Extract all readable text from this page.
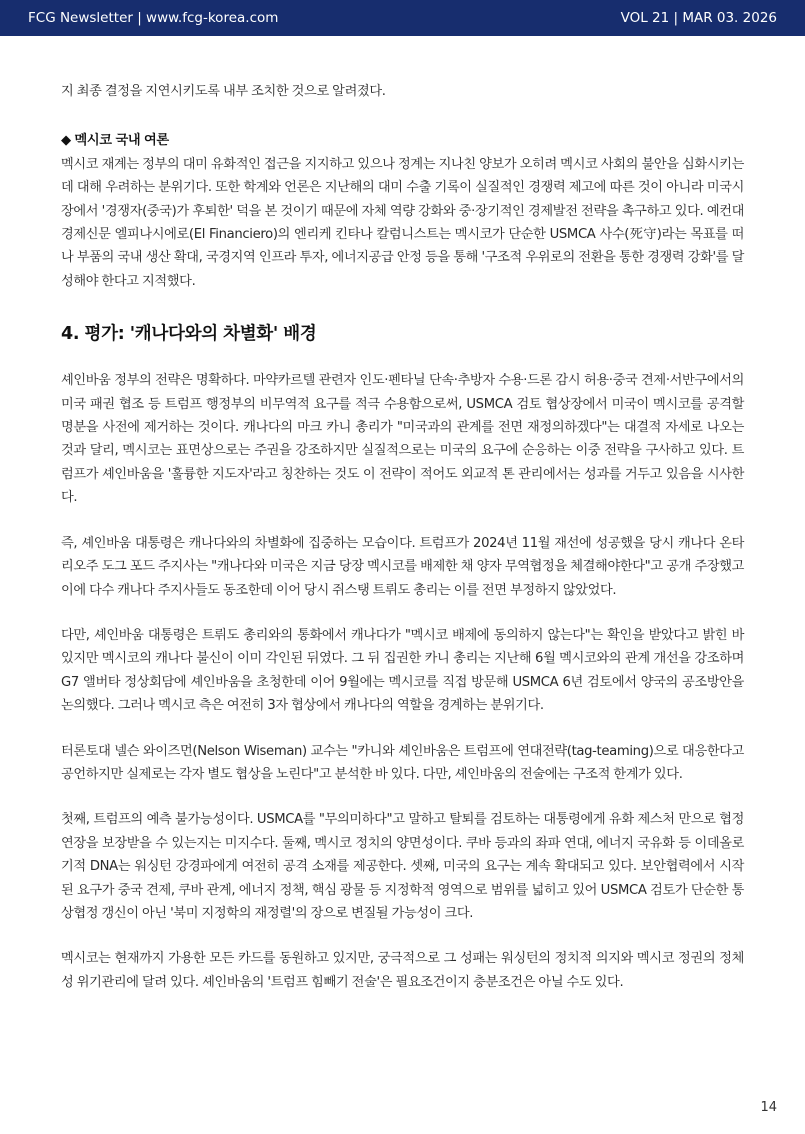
FCG Newsletter | www.fcg-korea.com	VOL 21 | MAR 03. 2026

지 최종 결정을 지연시키도록 내부 조치한 것으로 알려졌다.

◆ 멕시코 국내 여론

멕시코 재계는 정부의 대미 유화적인 접근을 지지하고 있으나 정계는 지나친 양보가 오히려 멕시코 사회의 불안을 심화시키는데 대해 우려하는 분위기다. 또한 학계와 언론은 지난해의 대미 수출 기록이 실질적인 경쟁력 제고에 따른 것이 아니라 미국시장에서 '경쟁자(중국)가 후퇴한' 덕을 본 것이기 때문에 자체 역량 강화와 중·장기적인 경제발전 전략을 촉구하고 있다. 예컨대 경제신문 엘피나시에로(El Financiero)의 엔리케 킨타나 칼럼니스트는 멕시코가 단순한 USMCA 사수(死守)라는 목표를 떠나 부품의 국내 생산 확대, 국경지역 인프라 투자, 에너지공급 안정 등을 통해 '구조적 우위로의 전환을 통한 경쟁력 강화'를 달성해야 한다고 지적했다.

4. 평가: '캐나다와의 차별화' 배경

셰인바움 정부의 전략은 명확하다. 마약카르텔 관련자 인도·펜타닐 단속·추방자 수용·드론 감시 허용·중국 견제·서반구에서의 미국 패권 협조 등 트럼프 행정부의 비무역적 요구를 적극 수용함으로써, USMCA 검토 협상장에서 미국이 멕시코를 공격할 명분을 사전에 제거하는 것이다. 캐나다의 마크 카니 총리가 "미국과의 관계를 전면 재정의하겠다"는 대결적 자세로 나오는 것과 달리, 멕시코는 표면상으로는 주권을 강조하지만 실질적으로는 미국의 요구에 순응하는 이중 전략을 구사하고 있다. 트럼프가 셰인바움을 '훌륭한 지도자'라고 칭찬하는 것도 이 전략이 적어도 외교적 톤 관리에서는 성과를 거두고 있음을 시사한다.

즉, 셰인바움 대통령은 캐나다와의 차별화에 집중하는 모습이다. 트럼프가 2024년 11월 재선에 성공했을 당시 캐나다 온타리오주 도그 포드 주지사는 "캐나다와 미국은 지금 당장 멕시코를 배제한 채 양자 무역협정을 체결해야한다"고 공개 주장했고 이에 다수 캐나다 주지사들도 동조한데 이어 당시 쥐스탱 트뤼도 총리는 이를 전면 부정하지 않았었다.

다만, 셰인바움 대통령은 트뤼도 총리와의 통화에서 캐나다가 "멕시코 배제에 동의하지 않는다"는 확인을 받았다고 밝힌 바 있지만 멕시코의 캐나다 불신이 이미 각인된 뒤였다. 그 뒤 집권한 카니 총리는 지난해 6월 멕시코와의 관계 개선을 강조하며 G7 앨버타 정상회담에 셰인바움을 초청한데 이어 9월에는 멕시코를 직접 방문해 USMCA 6년 검토에서 양국의 공조방안을 논의했다. 그러나 멕시코 측은 여전히 3자 협상에서 캐나다의 역할을 경계하는 분위기다.

터론토대 넬슨 와이즈먼(Nelson Wiseman) 교수는 "카니와 셰인바움은 트럼프에 연대전략(tag-teaming)으로 대응한다고 공언하지만 실제로는 각자 별도 협상을 노린다"고 분석한 바 있다. 다만, 셰인바움의 전술에는 구조적 한계가 있다.

첫째, 트럼프의 예측 불가능성이다. USMCA를 "무의미하다"고 말하고 탈퇴를 검토하는 대통령에게 유화 제스처 만으로 협정 연장을 보장받을 수 있는지는 미지수다. 둘째, 멕시코 정치의 양면성이다. 쿠바 등과의 좌파 연대, 에너지 국유화 등 이데올로기적 DNA는 워싱턴 강경파에게 여전히 공격 소재를 제공한다. 셋째, 미국의 요구는 계속 확대되고 있다. 보안협력에서 시작된 요구가 중국 견제, 쿠바 관계, 에너지 정책, 핵심 광물 등 지정학적 영역으로 범위를 넓히고 있어 USMCA 검토가 단순한 통상협정 갱신이 아닌 '북미 지정학의 재정렬'의 장으로 변질될 가능성이 크다.

멕시코는 현재까지 가용한 모든 카드를 동원하고 있지만, 궁극적으로 그 성패는 워싱턴의 정치적 의지와 멕시코 정권의 정체성 위기관리에 달려 있다. 셰인바움의 '트럼프 힘빼기 전술'은 필요조건이지 충분조건은 아닐 수도 있다.

14
